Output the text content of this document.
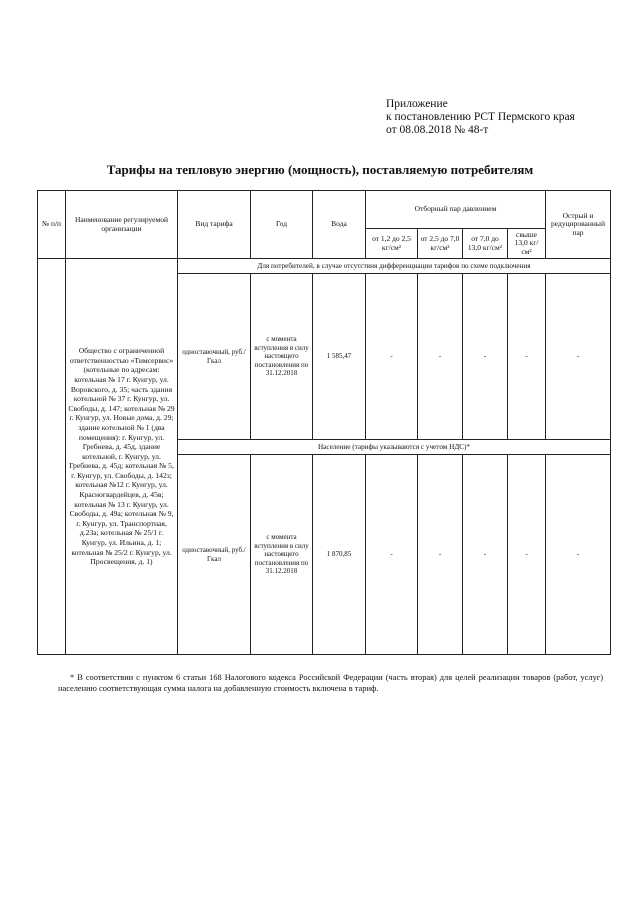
Приложение
к постановлению РСТ Пермского края
от 08.08.2018 № 48-т
Тарифы на тепловую энергию (мощность), поставляемую потребителям
№ п/п	Наименование регулируемой организации	Вид тарифа	Год	Вода	Отборный пар давлением				Острый и редуцированный пар
					от 1,2 до 2,5 кг/см²	от 2,5 до 7,0 кг/см²	от 7,0 до 13,0 кг/см²	свыше 13,0 кг/см²	
	Общество с ограниченной ответственностью «Тимсервис» (котельные по адресам: котельная № 17 г. Кунгур, ул. Воровского, д. 35; часть здания котельной № 37 г. Кунгур, ул. Свободы, д. 147; котельная № 29 г. Кунгур, ул. Новые дома, д. 29; здание котельной № 1 (два помещения): г. Кунгур, ул. Гребнева, д. 45д, здание котельной, г. Кунгур, ул. Гребнева, д. 45д; котельная № 5, г. Кунгур, ул. Свободы, д. 142з; котельная №12 г. Кунгур, ул. Красногвардейцев, д. 45в; котельная № 13 г. Кунгур, ул. Свободы, д. 49а; котельная № 9, г. Кунгур, ул. Транспортная, д.23а; котельная № 25/1 г. Кунгур, ул. Ильина, д. 1; котельная № 25/2 г. Кунгур, ул. Просвещения, д. 1)	Для потребителей, в случае отсутствия дифференциации тарифов по схеме подключения							
		одноставочный, руб./Гкал	с момента вступления в силу настоящего постановления по 31.12.2018	1 585,47	-	-	-	-	-
		Население (тарифы указываются с учетом НДС)*							
		одноставочный, руб./Гкал	с момента вступления в силу настоящего постановления по 31.12.2018	1 870,85	-	-	-	-	-
* В соответствии с пунктом 6 статьи 168 Налогового кодекса Российской Федерации (часть вторая) для целей реализации товаров (работ, услуг) населению соответствующая сумма налога на добавленную стоимость включена в тариф.
